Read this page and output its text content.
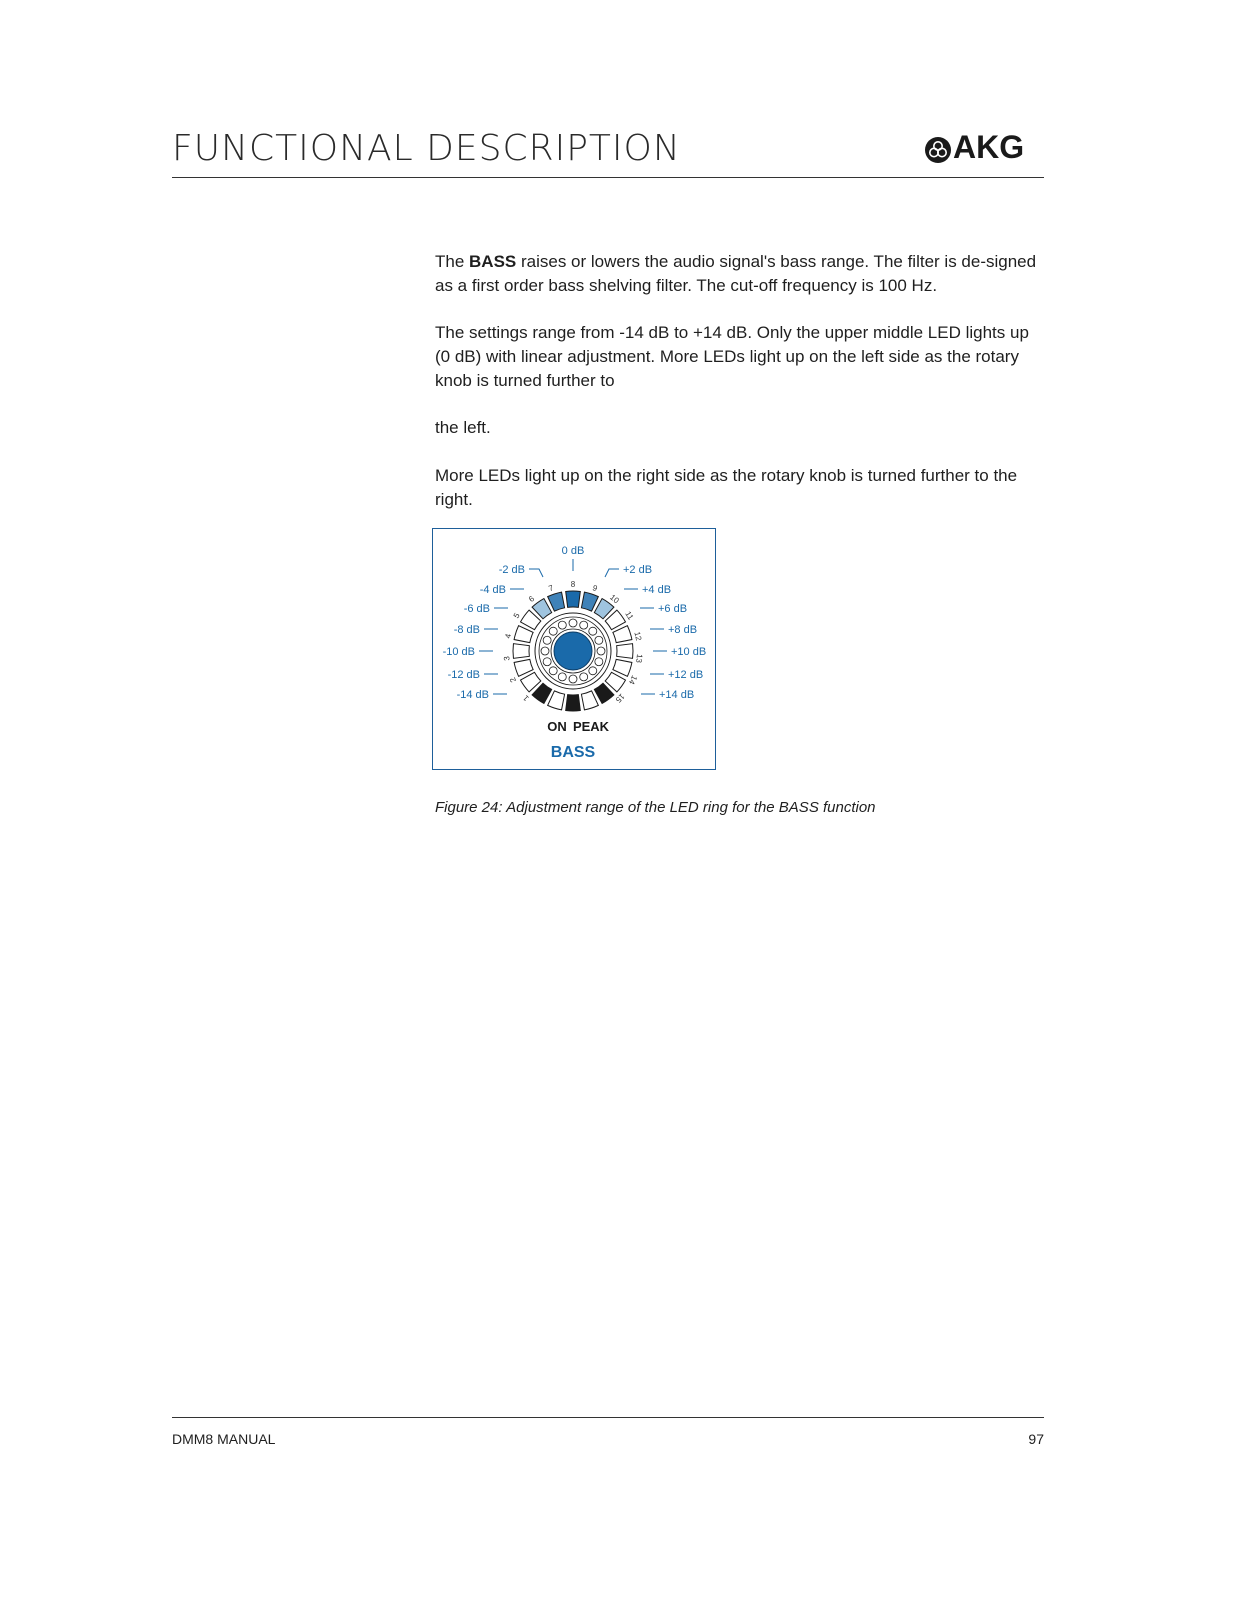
FUNCTIONAL DESCRIPTION	AKG

The BASS raises or lowers the audio signal's bass range. The filter is de-signed as a first order bass shelving filter. The cut-off frequency is 100 Hz.

The settings range from -14 dB to +14 dB. Only the upper middle LED lights up (0 dB) with linear adjustment. More LEDs light up on the left side as the rotary knob is turned further to

the left.

More LEDs light up on the right side as the rotary knob is turned further to the right.

1
2
3
4
5
6
7 8 9
10
11
12
13
14
15
-2 dB
-4 dB
-6 dB
-8 dB
-10 dB
-12 dB
-14 dB
+2 dB
+4 dB
+6 dB
+8 dB
+10 dB
+12 dB
+14 dB
0 dB
ON PEAK
BASS

Figure 24: Adjustment range of the LED ring for the BASS function

DMM8 MANUAL	97
